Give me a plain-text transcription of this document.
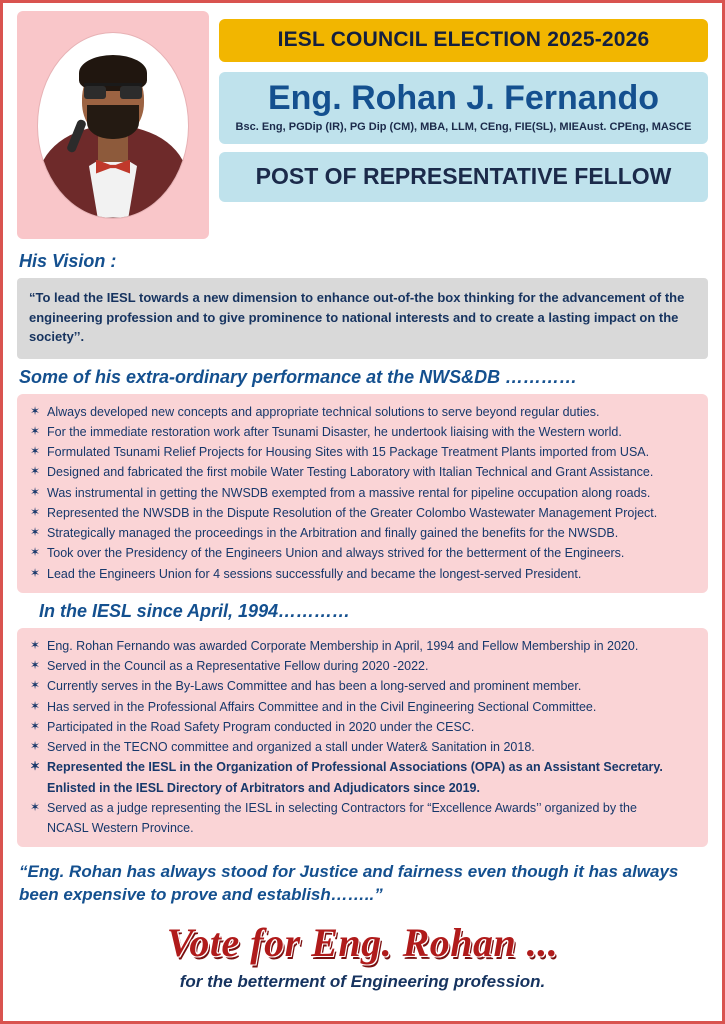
IESL COUNCIL ELECTION 2025-2026
Eng. Rohan J. Fernando
Bsc. Eng, PGDip (IR), PG Dip (CM), MBA, LLM, CEng, FIE(SL), MIEAust. CPEng, MASCE
POST OF REPRESENTATIVE FELLOW
His Vision :
“To lead the IESL towards a new dimension to enhance out-of-the box thinking for the advancement of the engineering profession and to give prominence to national interests and to create a lasting impact on the society’’.
Some of his extra-ordinary performance at the NWS&DB …………
✶ Always developed new concepts and appropriate technical solutions to serve beyond regular duties.
✶ For the immediate restoration work after Tsunami Disaster, he undertook liaising with the Western world.
✶ Formulated Tsunami Relief Projects for Housing Sites with 15 Package Treatment Plants imported from USA.
✶ Designed and fabricated the first mobile Water Testing Laboratory with Italian Technical and Grant Assistance.
✶ Was instrumental in getting the NWSDB exempted from a massive rental for pipeline occupation along roads.
✶ Represented the NWSDB in the Dispute Resolution of the Greater Colombo Wastewater Management Project.
✶ Strategically managed the proceedings in the Arbitration and finally gained the benefits for the NWSDB.
✶ Took over the Presidency of the Engineers Union and always strived for the betterment of the Engineers.
✶ Lead the Engineers Union for 4 sessions successfully and became the longest-served President.
In the IESL since April, 1994…………
✶ Eng. Rohan Fernando was awarded Corporate Membership in April, 1994 and Fellow Membership in 2020.
✶ Served in the Council as a Representative Fellow during 2020 -2022.
✶ Currently serves in the By-Laws Committee and has been a long-served and prominent member.
✶ Has served in the Professional Affairs Committee and in the Civil Engineering Sectional Committee.
✶ Participated in the Road Safety Program conducted in 2020 under the CESC.
✶ Served in the TECNO committee and organized a stall under Water& Sanitation in 2018.
✶ Represented the IESL in the Organization of Professional Associations (OPA) as an Assistant Secretary.
Enlisted in the IESL Directory of Arbitrators and Adjudicators since 2019.
✶ Served as a judge representing the IESL in selecting Contractors for “Excellence Awards’’ organized by the
NCASL Western Province.
“Eng. Rohan has always stood for Justice and fairness even though it has always been expensive to prove and establish……..”
Vote for Eng. Rohan ...
for the betterment of Engineering profession.
